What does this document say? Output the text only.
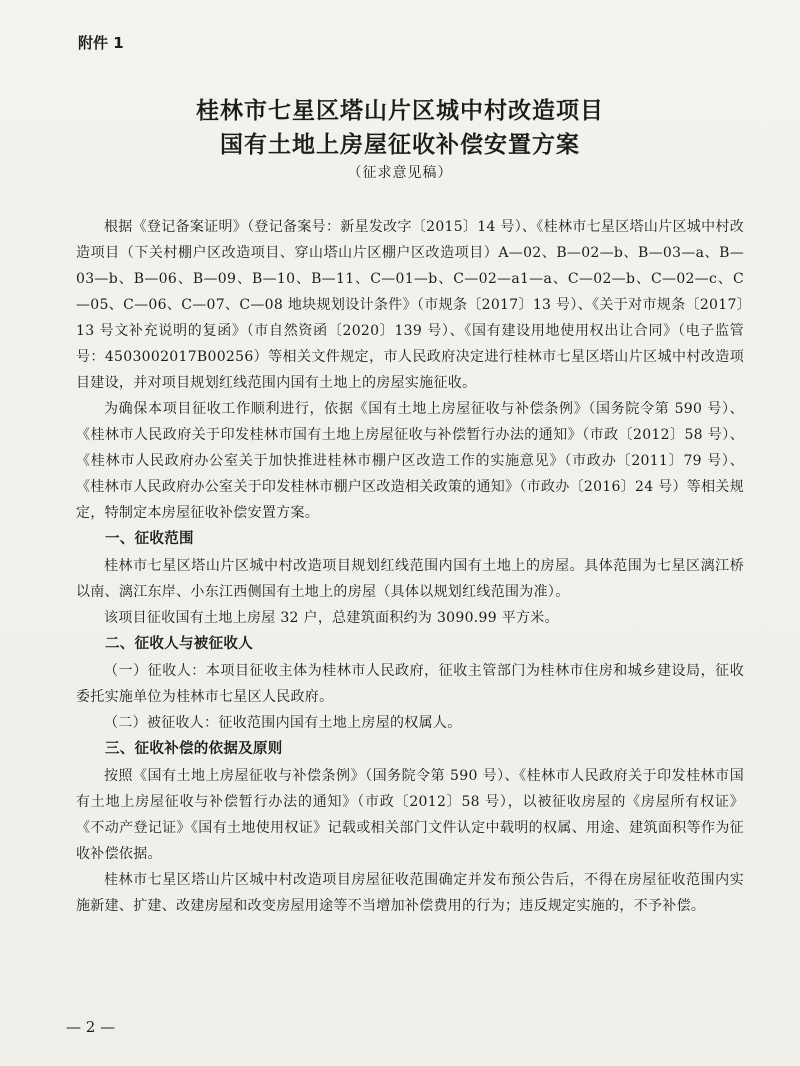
附件 1
桂林市七星区塔山片区城中村改造项目
国有土地上房屋征收补偿安置方案
（征求意见稿）

根据《登记备案证明》（登记备案号：新星发改字〔2015〕14 号）、《桂林市七星区塔山片区城中村改造项目（下关村棚户区改造项目、穿山塔山片区棚户区改造项目）A—02、B—02—b、B—03—a、B—03—b、B—06、B—09、B—10、B—11、C—01—b、C—02—a1—a、C—02—b、C—02—c、C—05、C—06、C—07、C—08 地块规划设计条件》（市规条〔2017〕13 号）、《关于对市规条〔2017〕13 号文补充说明的复函》（市自然资函〔2020〕139 号）、《国有建设用地使用权出让合同》（电子监管号：4503002017B00256）等相关文件规定，市人民政府决定进行桂林市七星区塔山片区城中村改造项目建设，并对项目规划红线范围内国有土地上的房屋实施征收。

为确保本项目征收工作顺利进行，依据《国有土地上房屋征收与补偿条例》（国务院令第 590 号）、《桂林市人民政府关于印发桂林市国有土地上房屋征收与补偿暂行办法的通知》（市政〔2012〕58 号）、《桂林市人民政府办公室关于加快推进桂林市棚户区改造工作的实施意见》（市政办〔2011〕79 号）、《桂林市人民政府办公室关于印发桂林市棚户区改造相关政策的通知》（市政办〔2016〕24 号）等相关规定，特制定本房屋征收补偿安置方案。

一、征收范围

桂林市七星区塔山片区城中村改造项目规划红线范围内国有土地上的房屋。具体范围为七星区漓江桥以南、漓江东岸、小东江西侧国有土地上的房屋（具体以规划红线范围为准）。

该项目征收国有土地上房屋 32 户，总建筑面积约为 3090.99 平方米。

二、征收人与被征收人

（一）征收人：本项目征收主体为桂林市人民政府，征收主管部门为桂林市住房和城乡建设局，征收委托实施单位为桂林市七星区人民政府。

（二）被征收人：征收范围内国有土地上房屋的权属人。

三、征收补偿的依据及原则

按照《国有土地上房屋征收与补偿条例》（国务院令第 590 号）、《桂林市人民政府关于印发桂林市国有土地上房屋征收与补偿暂行办法的通知》（市政〔2012〕58 号），以被征收房屋的《房屋所有权证》《不动产登记证》《国有土地使用权证》记载或相关部门文件认定中载明的权属、用途、建筑面积等作为征收补偿依据。

桂林市七星区塔山片区城中村改造项目房屋征收范围确定并发布预公告后，不得在房屋征收范围内实施新建、扩建、改建房屋和改变房屋用途等不当增加补偿费用的行为；违反规定实施的，不予补偿。

— 2 —
